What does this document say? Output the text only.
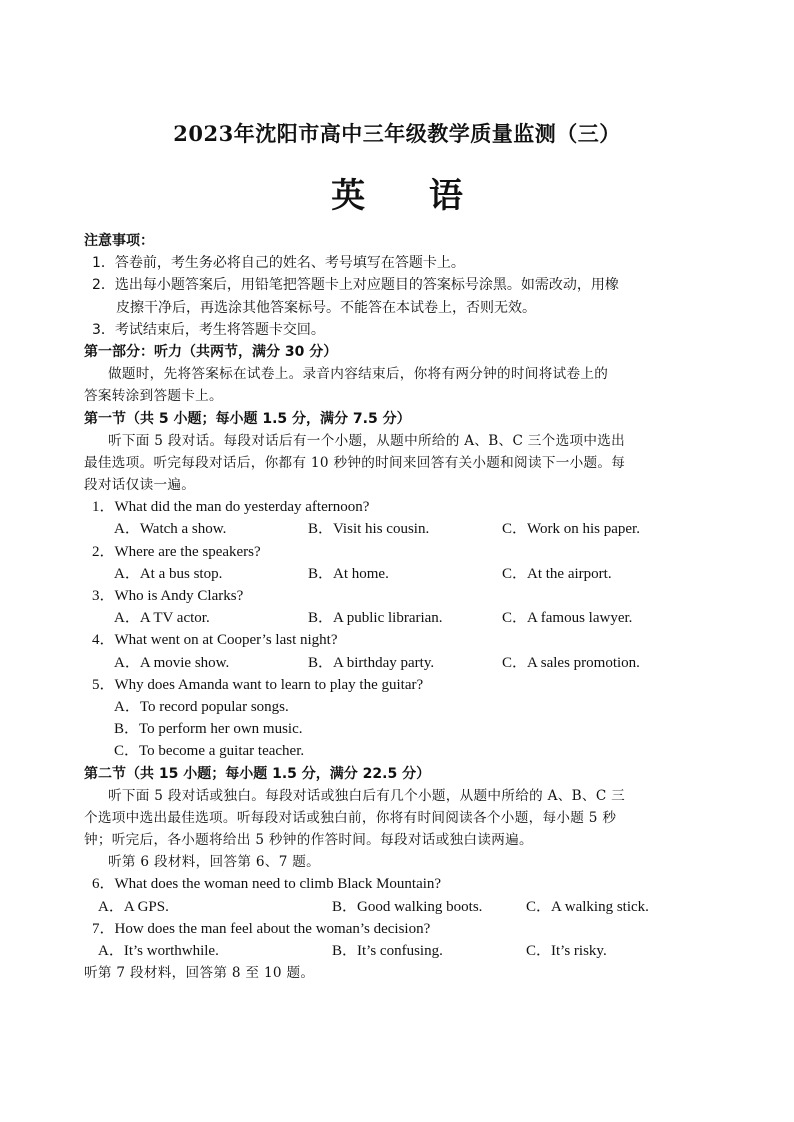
2023年沈阳市高中三年级教学质量监测（三）
英 语
注意事项：
1．答卷前，考生务必将自己的姓名、考号填写在答题卡上。
2．选出每小题答案后，用铅笔把答题卡上对应题目的答案标号涂黑。如需改动，用橡
皮擦干净后，再选涂其他答案标号。不能答在本试卷上，否则无效。
3．考试结束后，考生将答题卡交回。
第一部分：听力（共两节，满分 30 分）
做题时，先将答案标在试卷上。录音内容结束后，你将有两分钟的时间将试卷上的
答案转涂到答题卡上。
第一节（共 5 小题；每小题 1.5 分，满分 7.5 分）
听下面 5 段对话。每段对话后有一个小题，从题中所给的 A、B、C 三个选项中选出
最佳选项。听完每段对话后，你都有 10 秒钟的时间来回答有关小题和阅读下一小题。每
段对话仅读一遍。
1．What did the man do yesterday afternoon?
A．Watch a show.	B．Visit his cousin.	C．Work on his paper.
2．Where are the speakers?
A．At a bus stop.	B．At home.	C．At the airport.
3．Who is Andy Clarks?
A．A TV actor.	B．A public librarian.	C．A famous lawyer.
4．What went on at Cooper’s last night?
A．A movie show.	B．A birthday party.	C．A sales promotion.
5．Why does Amanda want to learn to play the guitar?
A．To record popular songs.
B．To perform her own music.
C．To become a guitar teacher.
第二节（共 15 小题；每小题 1.5 分，满分 22.5 分）
听下面 5 段对话或独白。每段对话或独白后有几个小题，从题中所给的 A、B、C 三
个选项中选出最佳选项。听每段对话或独白前，你将有时间阅读各个小题，每小题 5 秒
钟；听完后，各小题将给出 5 秒钟的作答时间。每段对话或独白读两遍。
听第 6 段材料，回答第 6、7 题。
6．What does the woman need to climb Black Mountain?
A．A GPS.	B．Good walking boots.	C．A walking stick.
7．How does the man feel about the woman’s decision?
A．It’s worthwhile.	B．It’s confusing.	C．It’s risky.
听第 7 段材料，回答第 8 至 10 题。
